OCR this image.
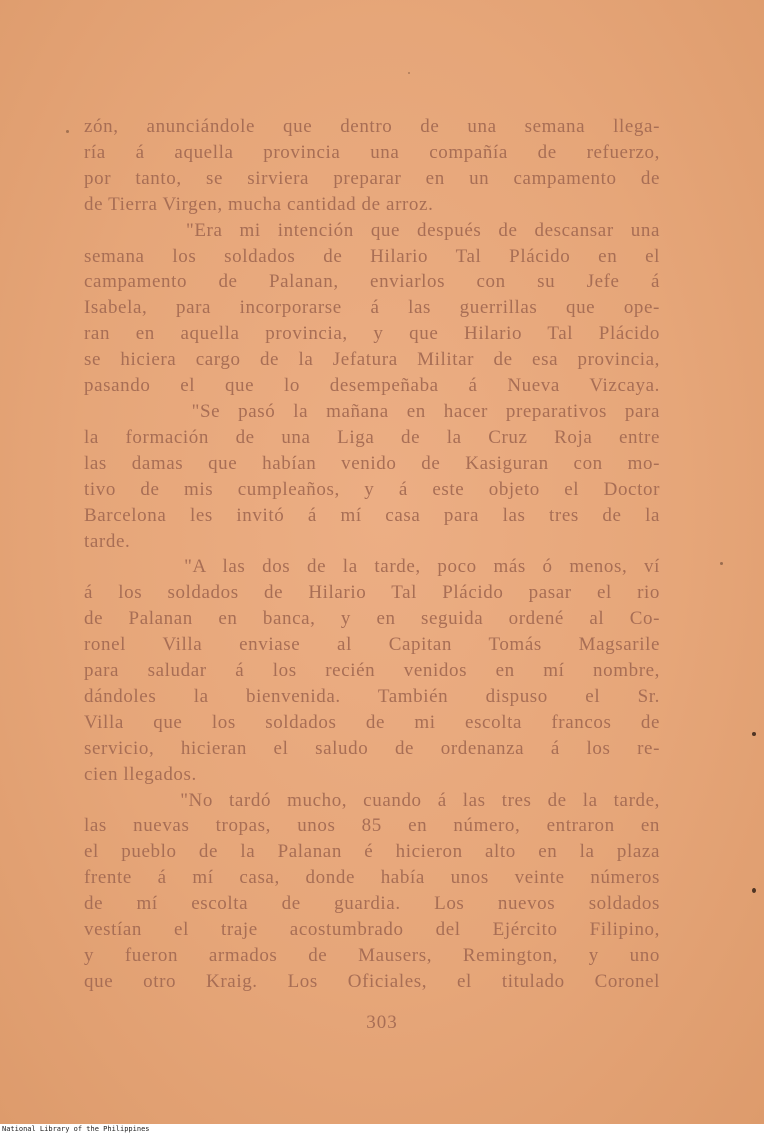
zón, anunciándole que dentro de una semana llega-

ría á aquella provincia una compañía de refuerzo,

por tanto, se sirviera preparar en un campamento de

de Tierra Virgen, mucha cantidad de arroz.

"Era mi intención que después de descansar una

semana los soldados de Hilario Tal Plácido en el

campamento de Palanan, enviarlos con su Jefe á

Isabela, para incorporarse á las guerrillas que ope-

ran en aquella provincia, y que Hilario Tal Plácido

se hiciera cargo de la Jefatura Militar de esa provincia,

pasando el que lo desempeñaba á Nueva Vizcaya.

"Se pasó la mañana en hacer preparativos para

la formación de una Liga de la Cruz Roja entre

las damas que habían venido de Kasiguran con mo-

tivo de mis cumpleaños, y á este objeto el Doctor

Barcelona les invitó á mí casa para las tres de la

tarde.

"A las dos de la tarde, poco más ó menos, ví

á los soldados de Hilario Tal Plácido pasar el rio

de Palanan en banca, y en seguida ordené al Co-

ronel Villa enviase al Capitan Tomás Magsarile

para saludar á los recién venidos en mí nombre,

dándoles la bienvenida. También dispuso el Sr.

Villa que los soldados de mi escolta francos de

servicio, hicieran el saludo de ordenanza á los re-

cien llegados.

"No tardó mucho, cuando á las tres de la tarde,

las nuevas tropas, unos 85 en número, entraron en

el pueblo de la Palanan é hicieron alto en la plaza

frente á mí casa, donde había unos veinte números

de mí escolta de guardia. Los nuevos soldados

vestían el traje acostumbrado del Ejército Filipino,

y fueron armados de Mausers, Remington, y uno

que otro Kraig. Los Oficiales, el titulado Coronel

303
National Library of the Philippines
